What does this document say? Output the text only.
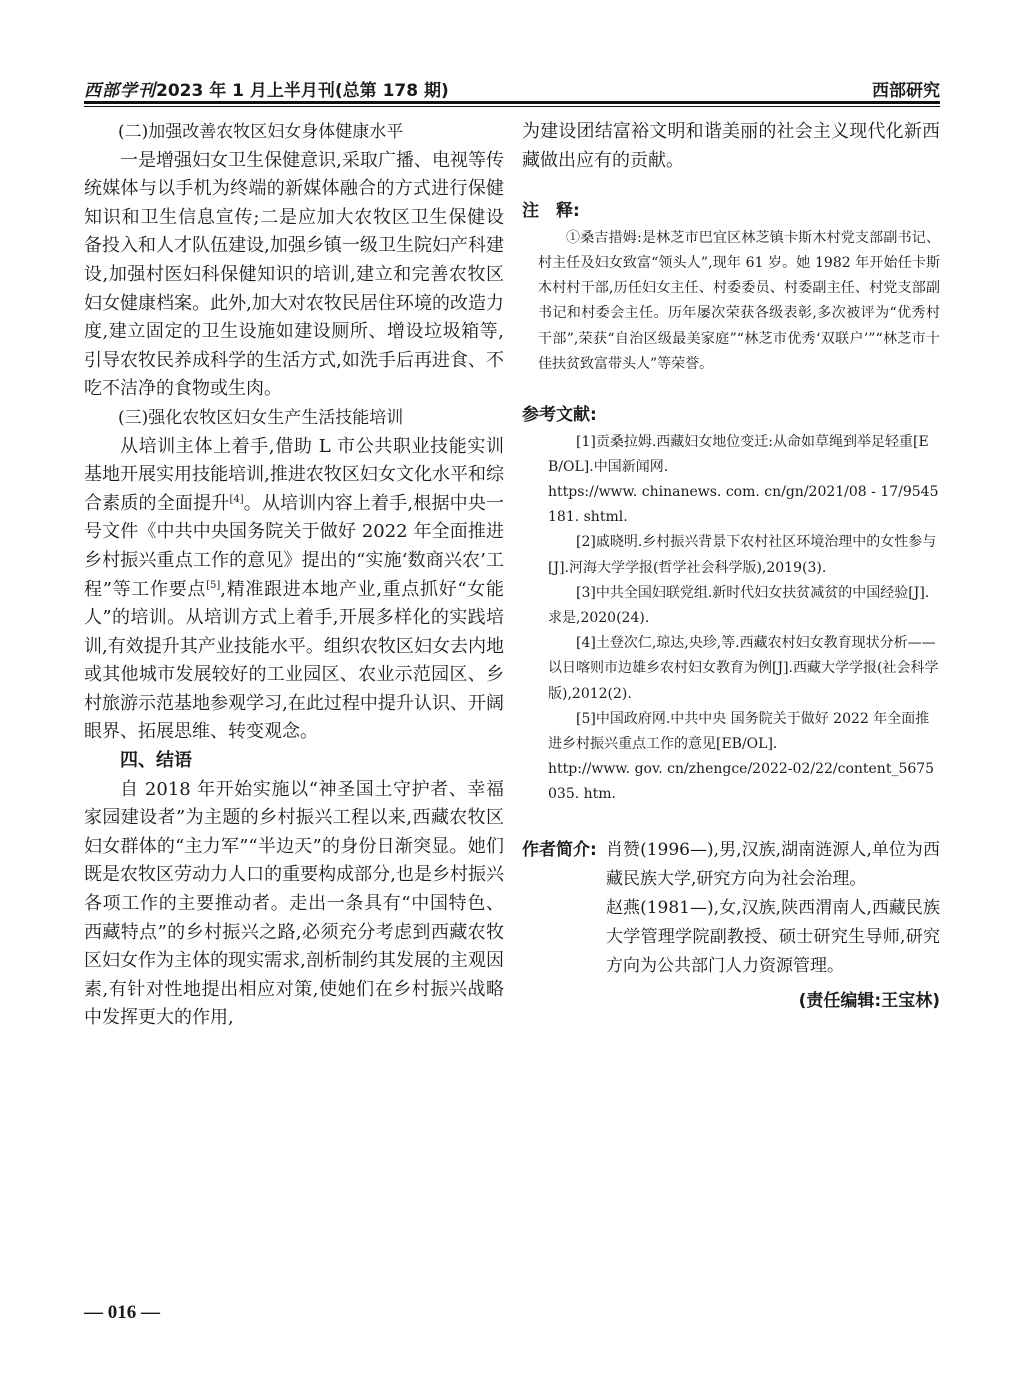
西部学刊2023 年 1 月上半月刊(总第 178 期)	西部研究
(二)加强改善农牧区妇女身体健康水平

一是增强妇女卫生保健意识,采取广播、电视等传统媒体与以手机为终端的新媒体融合的方式进行保健知识和卫生信息宣传;二是应加大农牧区卫生保健设备投入和人才队伍建设,加强乡镇一级卫生院妇产科建设,加强村医妇科保健知识的培训,建立和完善农牧区妇女健康档案。此外,加大对农牧民居住环境的改造力度,建立固定的卫生设施如建设厕所、增设垃圾箱等,引导农牧民养成科学的生活方式,如洗手后再进食、不吃不洁净的食物或生肉。

(三)强化农牧区妇女生产生活技能培训

从培训主体上着手,借助 L 市公共职业技能实训基地开展实用技能培训,推进农牧区妇女文化水平和综合素质的全面提升[4]。从培训内容上着手,根据中央一号文件《中共中央国务院关于做好 2022 年全面推进乡村振兴重点工作的意见》提出的“实施‘数商兴农’工程”等工作要点[5],精准跟进本地产业,重点抓好“女能人”的培训。从培训方式上着手,开展多样化的实践培训,有效提升其产业技能水平。组织农牧区妇女去内地或其他城市发展较好的工业园区、农业示范园区、乡村旅游示范基地参观学习,在此过程中提升认识、开阔眼界、拓展思维、转变观念。

四、结语

自 2018 年开始实施以“神圣国土守护者、幸福家园建设者”为主题的乡村振兴工程以来,西藏农牧区妇女群体的“主力军”“半边天”的身份日渐突显。她们既是农牧区劳动力人口的重要构成部分,也是乡村振兴各项工作的主要推动者。走出一条具有“中国特色、西藏特点”的乡村振兴之路,必须充分考虑到西藏农牧区妇女作为主体的现实需求,剖析制约其发展的主观因素,有针对性地提出相应对策,使她们在乡村振兴战略中发挥更大的作用,

为建设团结富裕文明和谐美丽的社会主义现代化新西藏做出应有的贡献。

注　释:

①桑吉措姆:是林芝市巴宜区林芝镇卡斯木村党支部副书记、村主任及妇女致富“领头人”,现年 61 岁。她 1982 年开始任卡斯木村村干部,历任妇女主任、村委委员、村委副主任、村党支部副书记和村委会主任。历年屡次荣获各级表彰,多次被评为“优秀村干部”,荣获“自治区级最美家庭”“林芝市优秀‘双联户’”“林芝市十佳扶贫致富带头人”等荣誉。

参考文献:

[1]贡桑拉姆.西藏妇女地位变迁:从命如草绳到举足轻重[EB/OL].中国新闻网.
https://www. chinanews. com. cn/gn/2021/08 - 17/9545181. shtml.

[2]戚晓明.乡村振兴背景下农村社区环境治理中的女性参与[J].河海大学学报(哲学社会科学版),2019(3).

[3]中共全国妇联党组.新时代妇女扶贫减贫的中国经验[J].求是,2020(24).

[4]土登次仁,琼达,央珍,等.西藏农村妇女教育现状分析——以日喀则市边雄乡农村妇女教育为例[J].西藏大学学报(社会科学版),2012(2).

[5]中国政府网.中共中央 国务院关于做好 2022 年全面推进乡村振兴重点工作的意见[EB/OL].
http://www. gov. cn/zhengce/2022-02/22/content_5675035. htm.

作者简介: 肖赞(1996—),男,汉族,湖南涟源人,单位为西藏民族大学,研究方向为社会治理。

赵燕(1981—),女,汉族,陕西渭南人,西藏民族大学管理学院副教授、硕士研究生导师,研究方向为公共部门人力资源管理。

(责任编辑:王宝林)
— 016 —
